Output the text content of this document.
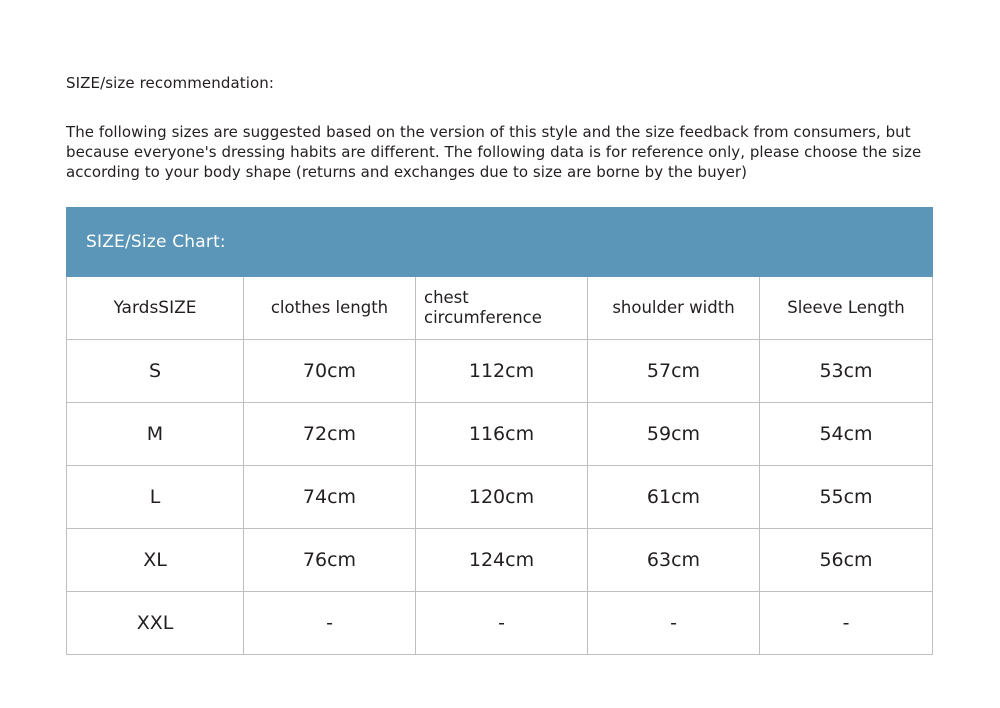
SIZE/size recommendation:
The following sizes are suggested based on the version of this style and the size feedback from consumers, but because everyone's dressing habits are different. The following data is for reference only, please choose the size according to your body shape (returns and exchanges due to size are borne by the buyer)
SIZE/Size Chart:				
YardsSIZE	clothes length	chest circumference	shoulder width	Sleeve Length
S	70cm	112cm	57cm	53cm
M	72cm	116cm	59cm	54cm
L	74cm	120cm	61cm	55cm
XL	76cm	124cm	63cm	56cm
XXL	-	-	-	-
